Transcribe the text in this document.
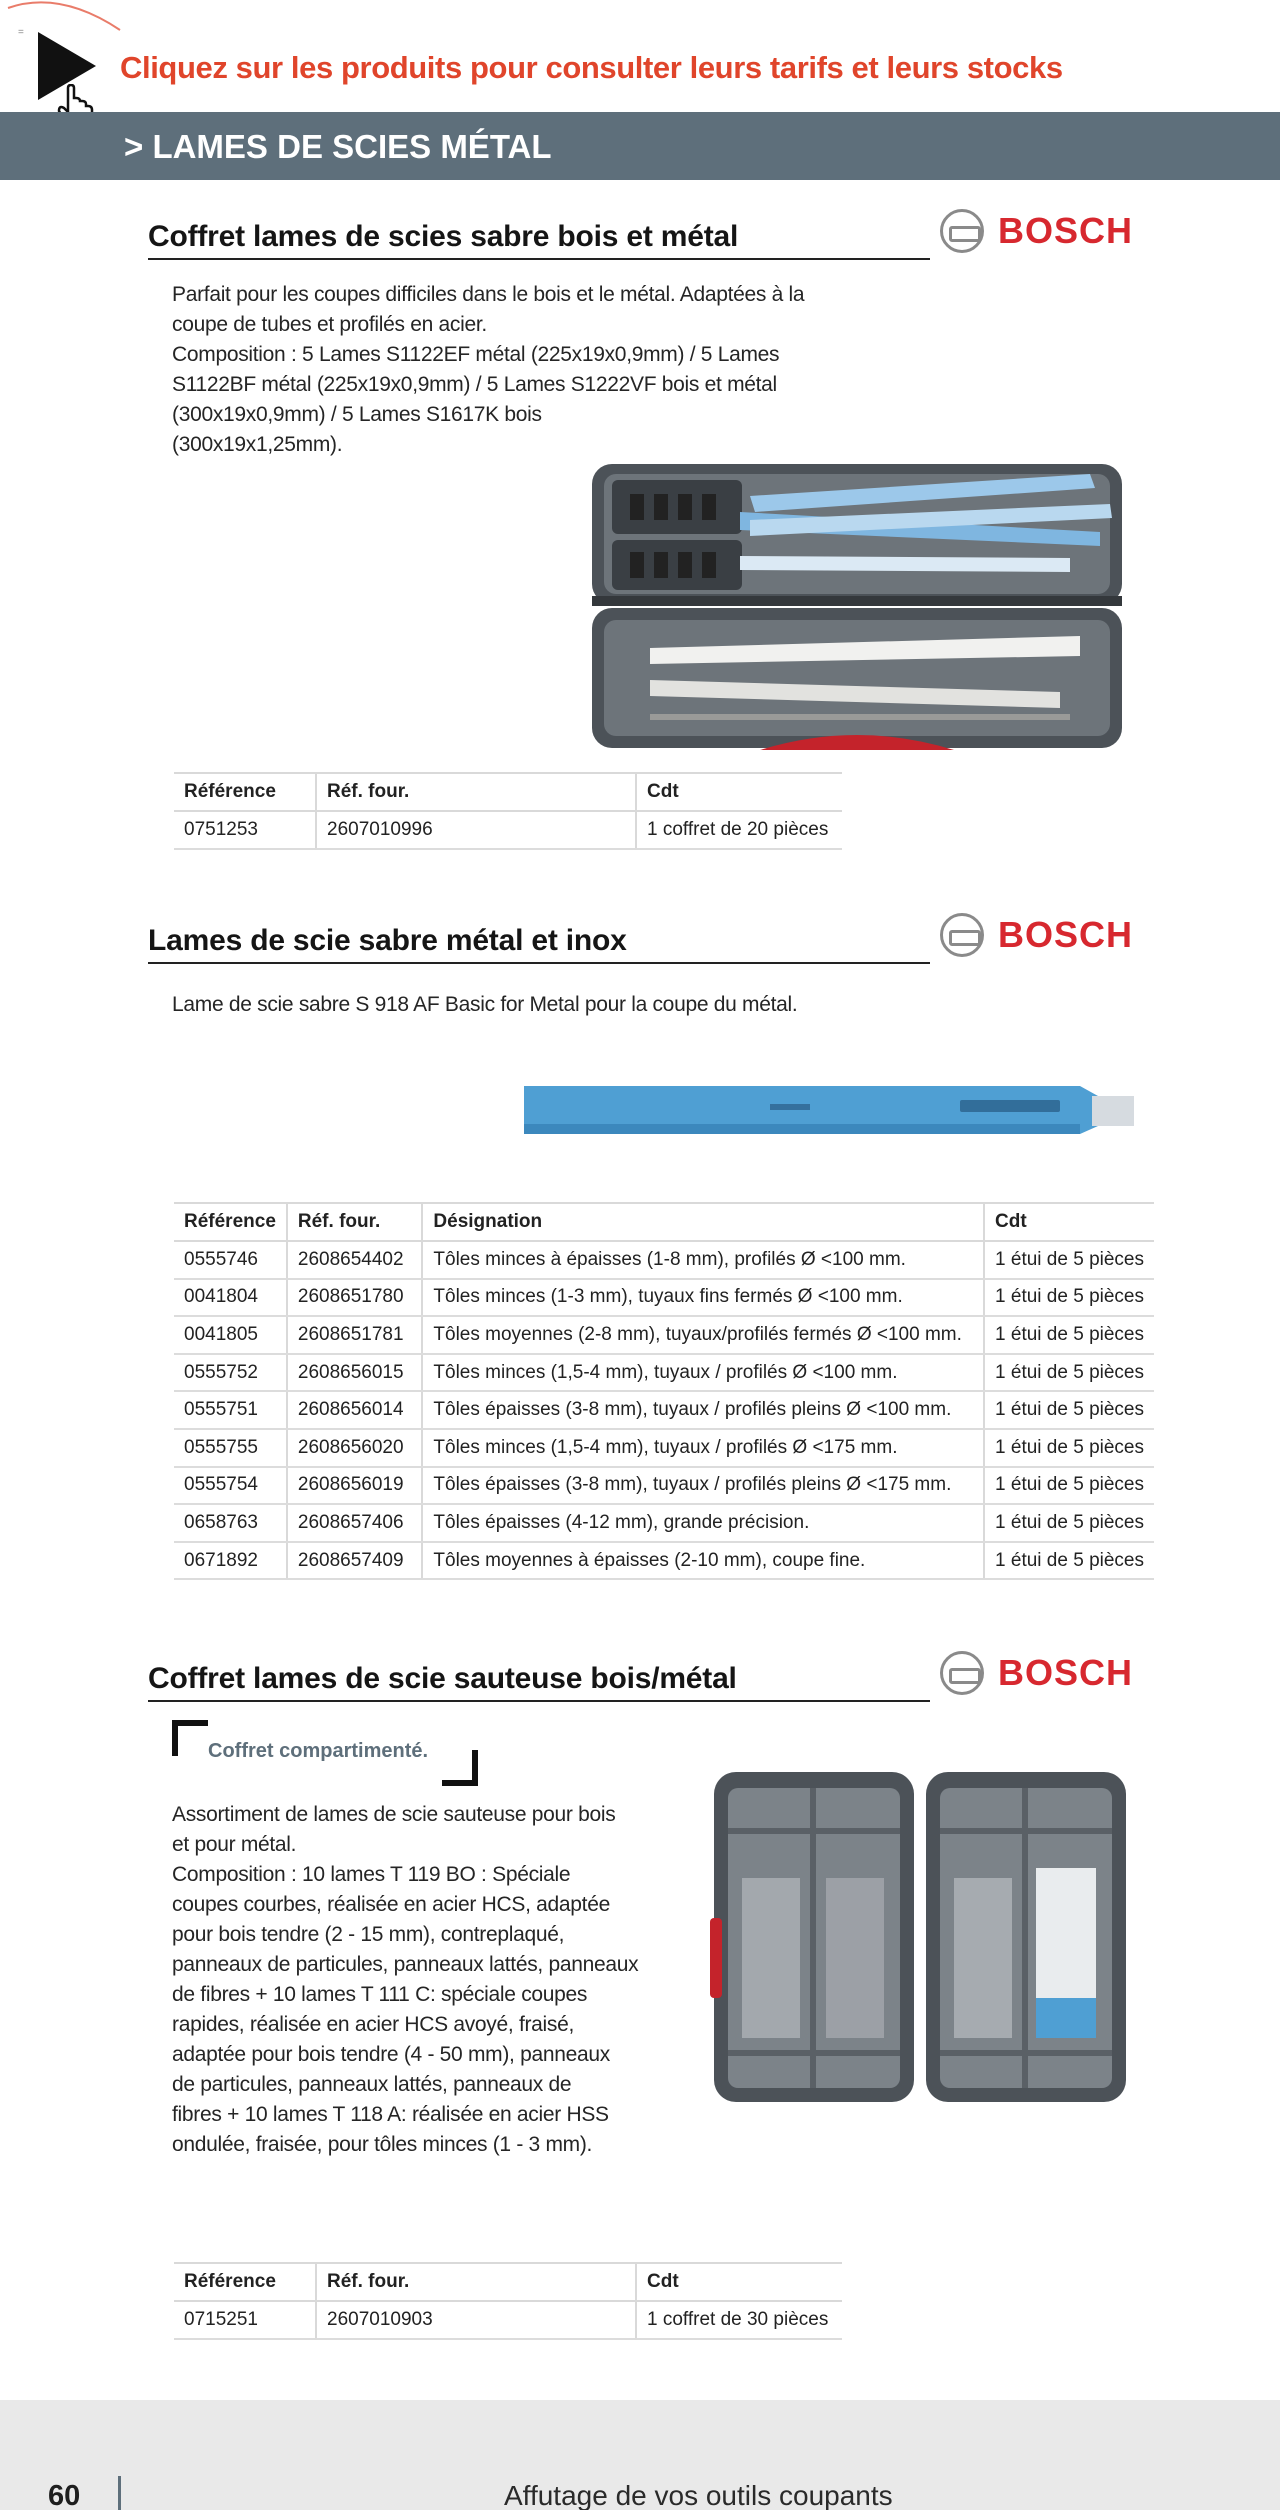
=
Cliquez sur les produits pour consulter leurs tarifs et leurs stocks
> LAMES DE SCIES MÉTAL
Coffret lames de scies sabre bois et métal	BOSCH
Parfait pour les coupes difficiles dans le bois et le métal. Adaptées à la
coupe de tubes et profilés en acier.
Composition : 5 Lames S1122EF métal (225x19x0,9mm) / 5 Lames
S1122BF métal (225x19x0,9mm) / 5 Lames S1222VF bois et métal
(300x19x0,9mm) / 5 Lames S1617K bois
(300x19x1,25mm).
Référence	Réf. four.	Cdt
0751253	2607010996	1 coffret de 20 pièces
Lames de scie sabre métal et inox	BOSCH
Lame de scie sabre S 918 AF Basic for Metal pour la coupe du métal.
Référence	Réf. four.	Désignation	Cdt
0555746	2608654402	Tôles minces à épaisses (1-8 mm), profilés Ø <100 mm.	1 étui de 5 pièces
0041804	2608651780	Tôles minces (1-3 mm), tuyaux fins fermés Ø <100 mm.	1 étui de 5 pièces
0041805	2608651781	Tôles moyennes (2-8 mm), tuyaux/profilés fermés Ø <100 mm.	1 étui de 5 pièces
0555752	2608656015	Tôles minces (1,5-4 mm), tuyaux / profilés Ø <100 mm.	1 étui de 5 pièces
0555751	2608656014	Tôles épaisses (3-8 mm), tuyaux / profilés pleins Ø <100 mm.	1 étui de 5 pièces
0555755	2608656020	Tôles minces (1,5-4 mm), tuyaux / profilés Ø <175 mm.	1 étui de 5 pièces
0555754	2608656019	Tôles épaisses (3-8 mm), tuyaux / profilés pleins Ø <175 mm.	1 étui de 5 pièces
0658763	2608657406	Tôles épaisses (4-12 mm), grande précision.	1 étui de 5 pièces
0671892	2608657409	Tôles moyennes à épaisses (2-10 mm), coupe fine.	1 étui de 5 pièces
Coffret lames de scie sauteuse bois/métal	BOSCH
Coffret compartimenté.
Assortiment de lames de scie sauteuse pour bois
et pour métal.
Composition : 10 lames T 119 BO : Spéciale
coupes courbes, réalisée en acier HCS, adaptée
pour bois tendre (2 - 15 mm), contreplaqué,
panneaux de particules, panneaux lattés, panneaux
de fibres + 10 lames T 111 C: spéciale coupes
rapides, réalisée en acier HCS avoyé, fraisé,
adaptée pour bois tendre (4 - 50 mm), panneaux
de particules, panneaux lattés, panneaux de
fibres + 10 lames T 118 A: réalisée en acier HSS
ondulée, fraisée, pour tôles minces (1 - 3 mm).
Référence	Réf. four.	Cdt
0715251	2607010903	1 coffret de 30 pièces
60	Affutage de vos outils coupants
